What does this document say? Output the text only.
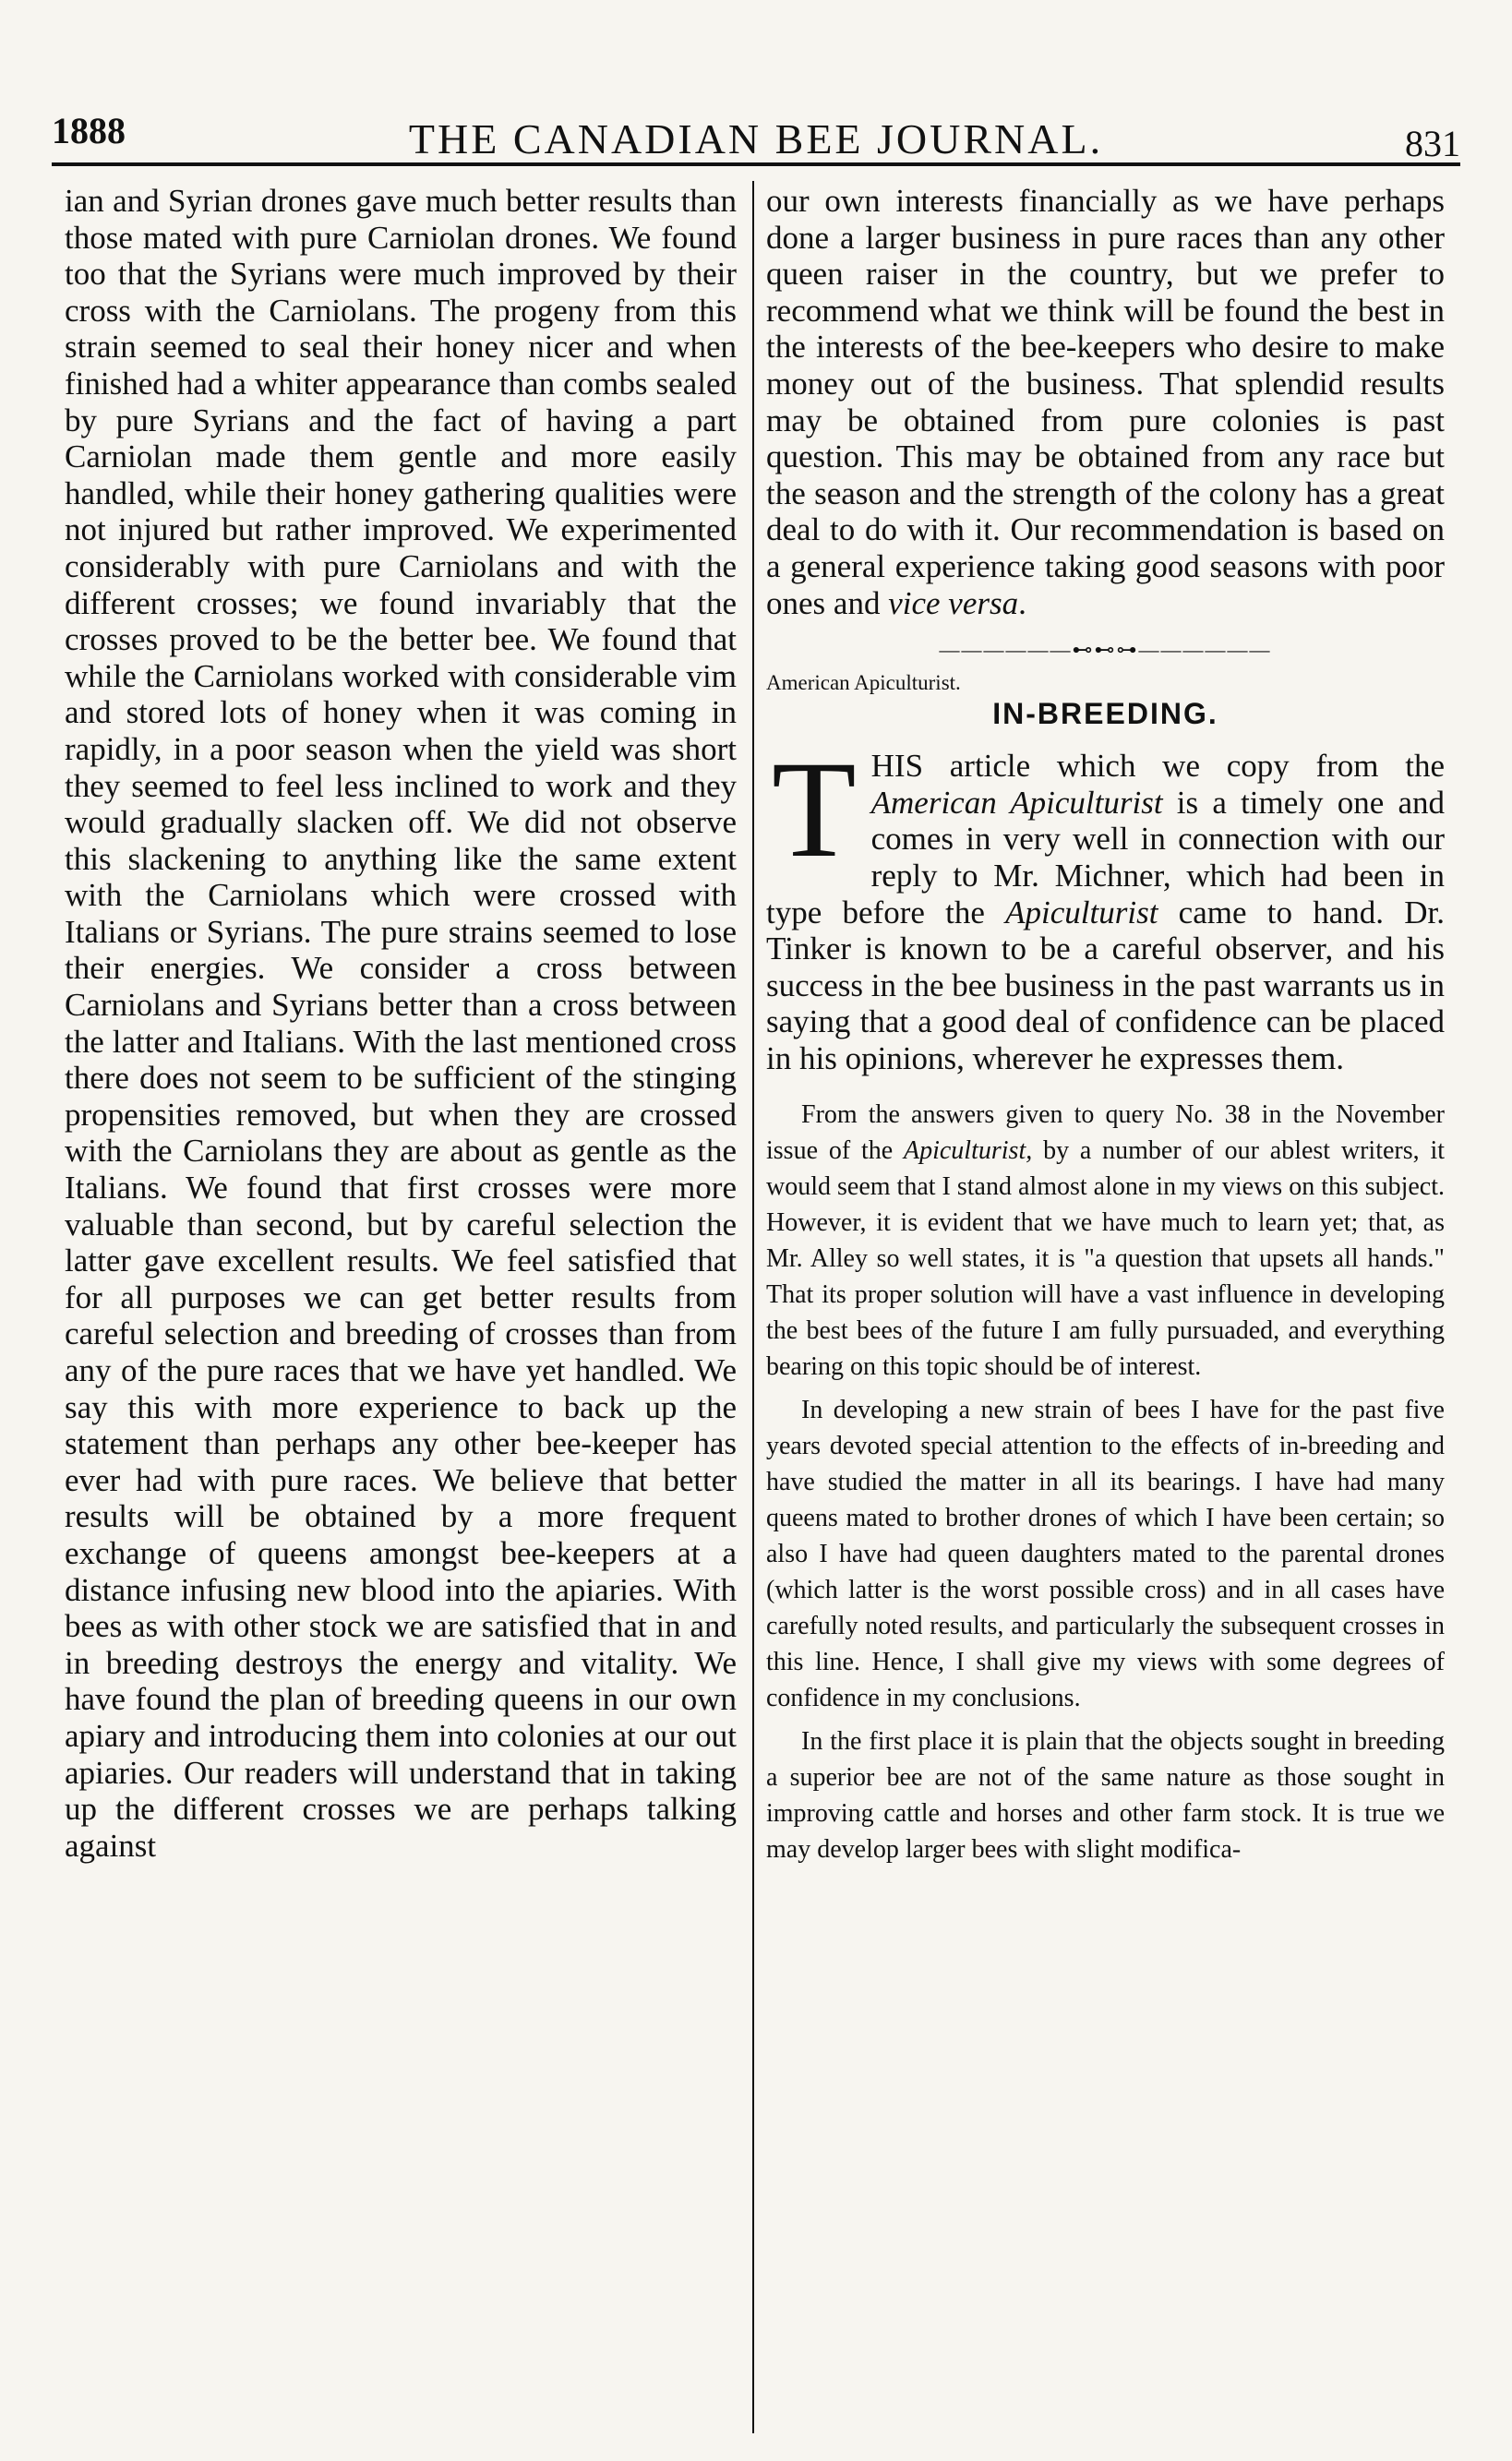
1888	THE CANADIAN BEE JOURNAL.	831

ian and Syrian drones gave much better results than those mated with pure Carniolan drones. We found too that the Syrians were much improved by their cross with the Carniolans. The progeny from this strain seemed to seal their honey nicer and when finished had a whiter appearance than combs sealed by pure Syrians and the fact of having a part Carniolan made them gentle and more easily handled, while their honey gathering qualities were not injured but rather improved. We experimented considerably with pure Carniolans and with the different crosses; we found invariably that the crosses proved to be the better bee. We found that while the Carniolans worked with considerable vim and stored lots of honey when it was coming in rapidly, in a poor season when the yield was short they seemed to feel less inclined to work and they would gradually slacken off. We did not observe this slackening to anything like the same extent with the Carniolans which were crossed with Italians or Syrians. The pure strains seemed to lose their energies. We consider a cross between Carniolans and Syrians better than a cross between the latter and Italians. With the last mentioned cross there does not seem to be sufficient of the stinging propensities removed, but when they are crossed with the Carniolans they are about as gentle as the Italians. We found that first crosses were more valuable than second, but by careful selection the latter gave excellent results. We feel satisfied that for all purposes we can get better results from careful selection and breeding of crosses than from any of the pure races that we have yet handled. We say this with more experience to back up the statement than perhaps any other bee-keeper has ever had with pure races. We believe that better results will be obtained by a more frequent exchange of queens amongst bee-keepers at a distance infusing new blood into the apiaries. With bees as with other stock we are satisfied that in and in breeding destroys the energy and vitality. We have found the plan of breeding queens in our own apiary and introducing them into colonies at our out apiaries. Our readers will understand that in taking up the different crosses we are perhaps talking against

our own interests financially as we have perhaps done a larger business in pure races than any other queen raiser in the country, but we prefer to recommend what we think will be found the best in the interests of the bee-keepers who desire to make money out of the business. That splendid results may be obtained from pure colonies is past question. This may be obtained from any race but the season and the strength of the colony has a great deal to do with it. Our recommendation is based on a general experience taking good seasons with poor ones and vice versa.

——————⊷⊷⊶——————
American Apiculturist.
IN-BREEDING.

THIS article which we copy from the American Apiculturist is a timely one and comes in very well in connection with our reply to Mr. Michner, which had been in type before the Apiculturist came to hand. Dr. Tinker is known to be a careful observer, and his success in the bee business in the past warrants us in saying that a good deal of confidence can be placed in his opinions, wherever he expresses them.

From the answers given to query No. 38 in the November issue of the Apiculturist, by a number of our ablest writers, it would seem that I stand almost alone in my views on this subject. However, it is evident that we have much to learn yet; that, as Mr. Alley so well states, it is "a question that upsets all hands." That its proper solution will have a vast influence in developing the best bees of the future I am fully pursuaded, and everything bearing on this topic should be of interest.

In developing a new strain of bees I have for the past five years devoted special attention to the effects of in-breeding and have studied the matter in all its bearings. I have had many queens mated to brother drones of which I have been certain; so also I have had queen daughters mated to the parental drones (which latter is the worst possible cross) and in all cases have carefully noted results, and particularly the subsequent crosses in this line. Hence, I shall give my views with some degrees of confidence in my conclusions.

In the first place it is plain that the objects sought in breeding a superior bee are not of the same nature as those sought in improving cattle and horses and other farm stock. It is true we may develop larger bees with slight modifica-
